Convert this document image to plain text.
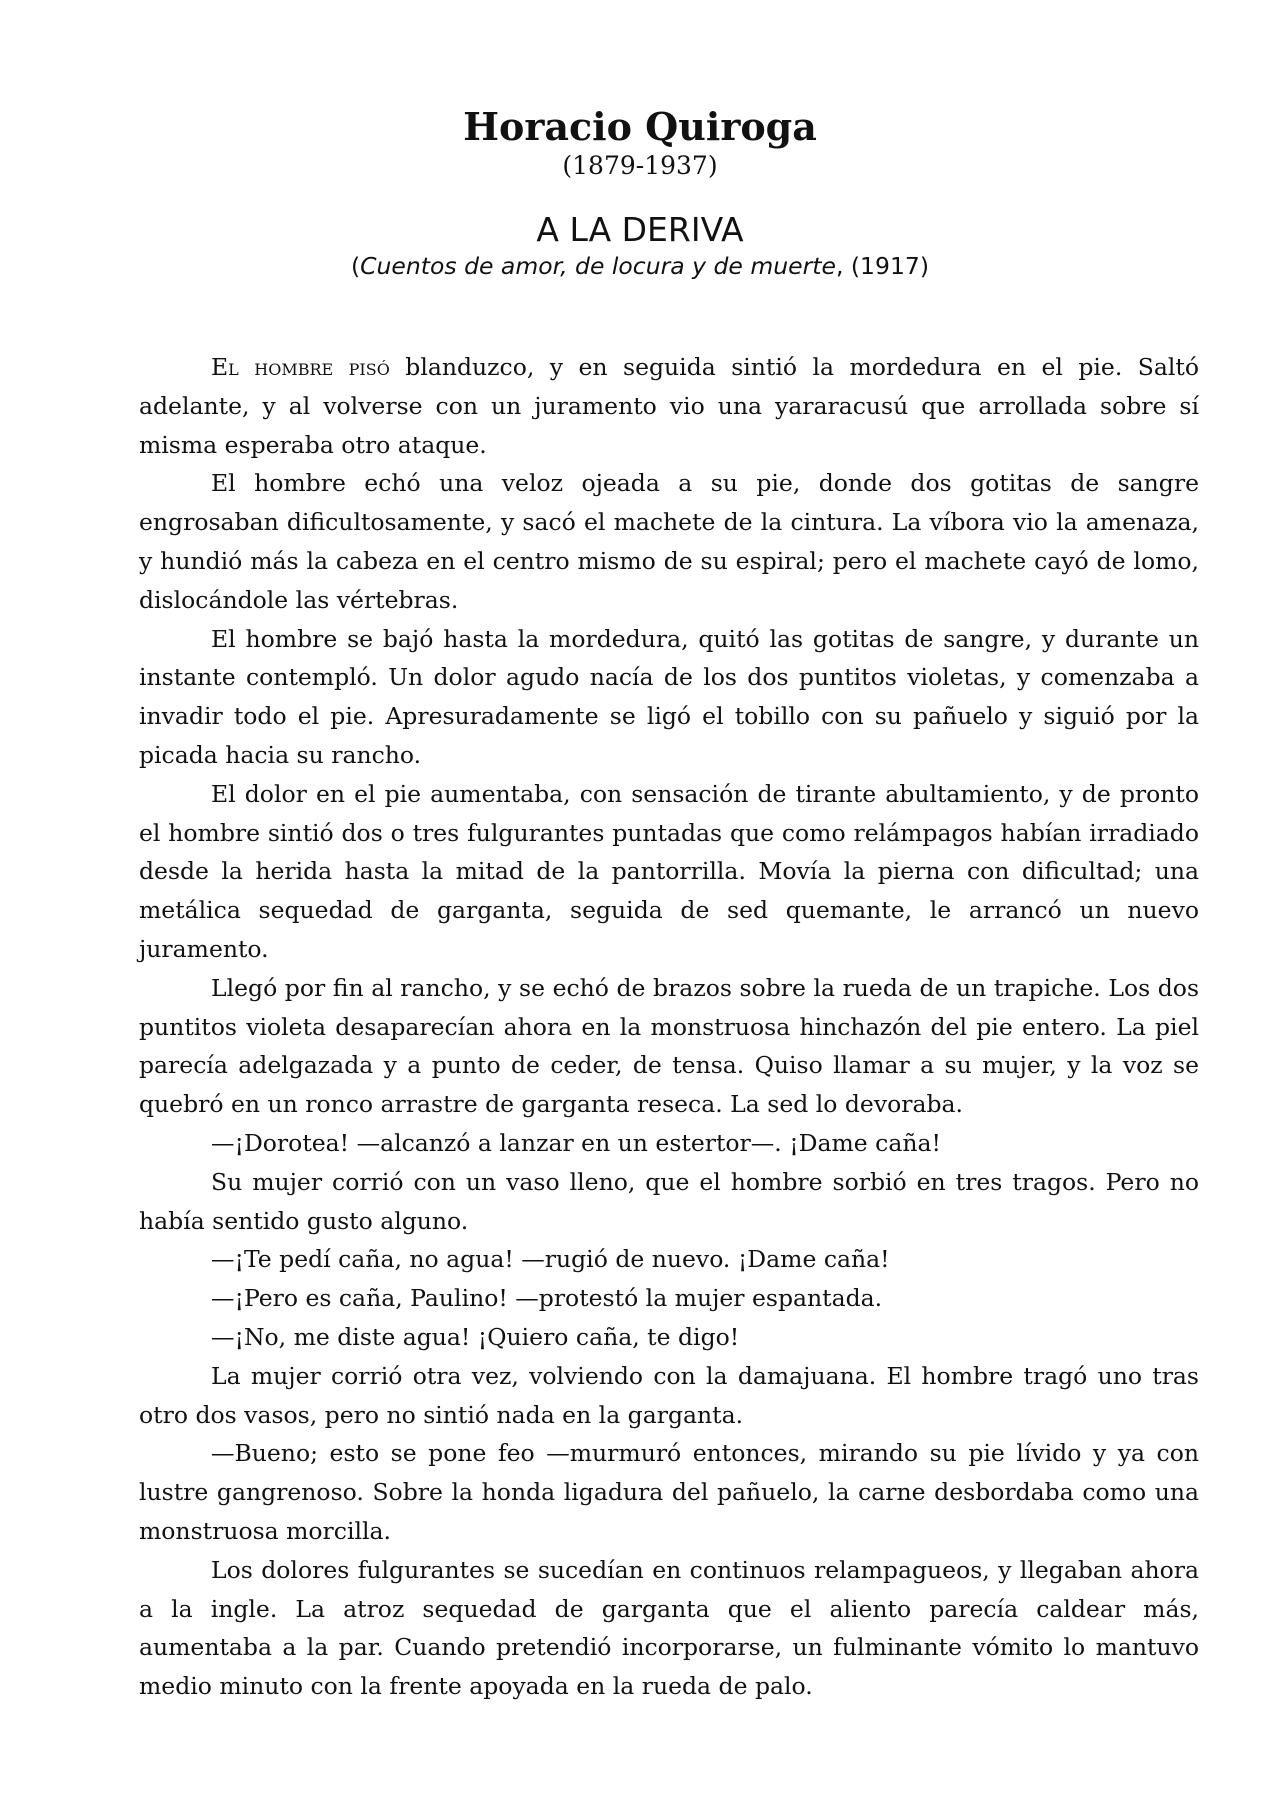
Horacio Quiroga
(1879-1937)
A LA DERIVA
(Cuentos de amor, de locura y de muerte, (1917)

El hombre pisó blanduzco, y en seguida sintió la mordedura en el pie. Saltó adelante, y al volverse con un juramento vio una yararacusú que arrollada sobre sí misma esperaba otro ataque.

El hombre echó una veloz ojeada a su pie, donde dos gotitas de sangre engrosaban dificultosamente, y sacó el machete de la cintura. La víbora vio la amenaza, y hundió más la cabeza en el centro mismo de su espiral; pero el machete cayó de lomo, dislocándole las vértebras.

El hombre se bajó hasta la mordedura, quitó las gotitas de sangre, y durante un instante contempló. Un dolor agudo nacía de los dos puntitos violetas, y comenzaba a invadir todo el pie. Apresuradamente se ligó el tobillo con su pañuelo y siguió por la picada hacia su rancho.

El dolor en el pie aumentaba, con sensación de tirante abultamiento, y de pronto el hombre sintió dos o tres fulgurantes puntadas que como relámpagos habían irradiado desde la herida hasta la mitad de la pantorrilla. Movía la pierna con dificultad; una metálica sequedad de garganta, seguida de sed quemante, le arrancó un nuevo juramento.

Llegó por fin al rancho, y se echó de brazos sobre la rueda de un trapiche. Los dos puntitos violeta desaparecían ahora en la monstruosa hinchazón del pie entero. La piel parecía adelgazada y a punto de ceder, de tensa. Quiso llamar a su mujer, y la voz se quebró en un ronco arrastre de garganta reseca. La sed lo devoraba.

—¡Dorotea! —alcanzó a lanzar en un estertor—. ¡Dame caña!

Su mujer corrió con un vaso lleno, que el hombre sorbió en tres tragos. Pero no había sentido gusto alguno.

—¡Te pedí caña, no agua! —rugió de nuevo. ¡Dame caña!

—¡Pero es caña, Paulino! —protestó la mujer espantada.

—¡No, me diste agua! ¡Quiero caña, te digo!

La mujer corrió otra vez, volviendo con la damajuana. El hombre tragó uno tras otro dos vasos, pero no sintió nada en la garganta.

—Bueno; esto se pone feo —murmuró entonces, mirando su pie lívido y ya con lustre gangrenoso. Sobre la honda ligadura del pañuelo, la carne desbordaba como una monstruosa morcilla.

Los dolores fulgurantes se sucedían en continuos relampagueos, y llegaban ahora a la ingle. La atroz sequedad de garganta que el aliento parecía caldear más, aumentaba a la par. Cuando pretendió incorporarse, un fulminante vómito lo mantuvo medio minuto con la frente apoyada en la rueda de palo.
